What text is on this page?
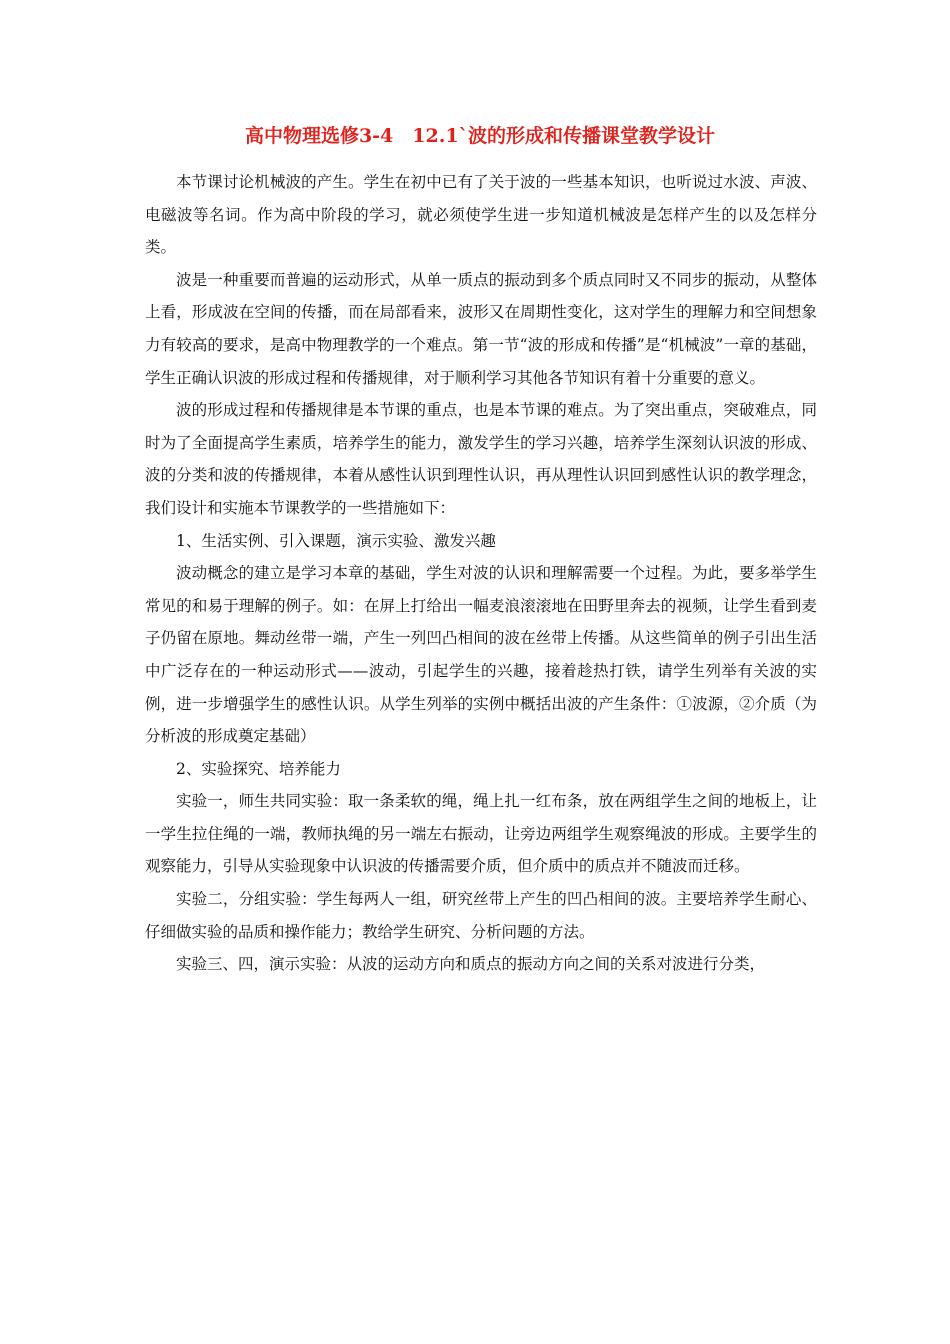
高中物理选修3-4　12.1`波的形成和传播课堂教学设计

本节课讨论机械波的产生。学生在初中已有了关于波的一些基本知识，也听说过水波、声波、电磁波等名词。作为高中阶段的学习，就必须使学生进一步知道机械波是怎样产生的以及怎样分类。

波是一种重要而普遍的运动形式，从单一质点的振动到多个质点同时又不同步的振动，从整体上看，形成波在空间的传播，而在局部看来，波形又在周期性变化，这对学生的理解力和空间想象力有较高的要求，是高中物理教学的一个难点。第一节“波的形成和传播”是“机械波”一章的基础，学生正确认识波的形成过程和传播规律，对于顺利学习其他各节知识有着十分重要的意义。

波的形成过程和传播规律是本节课的重点，也是本节课的难点。为了突出重点，突破难点，同时为了全面提高学生素质，培养学生的能力，激发学生的学习兴趣，培养学生深刻认识波的形成、波的分类和波的传播规律，本着从感性认识到理性认识，再从理性认识回到感性认识的教学理念，我们设计和实施本节课教学的一些措施如下：

1、生活实例、引入课题，演示实验、激发兴趣

波动概念的建立是学习本章的基础，学生对波的认识和理解需要一个过程。为此，要多举学生常见的和易于理解的例子。如：在屏上打给出一幅麦浪滚滚地在田野里奔去的视频，让学生看到麦子仍留在原地。舞动丝带一端，产生一列凹凸相间的波在丝带上传播。从这些简单的例子引出生活中广泛存在的一种运动形式——波动，引起学生的兴趣，接着趁热打铁，请学生列举有关波的实例，进一步增强学生的感性认识。从学生列举的实例中概括出波的产生条件：①波源，②介质（为分析波的形成奠定基础）

2、实验探究、培养能力

实验一，师生共同实验：取一条柔软的绳，绳上扎一红布条，放在两组学生之间的地板上，让一学生拉住绳的一端，教师执绳的另一端左右振动，让旁边两组学生观察绳波的形成。主要学生的观察能力，引导从实验现象中认识波的传播需要介质，但介质中的质点并不随波而迁移。

实验二，分组实验：学生每两人一组，研究丝带上产生的凹凸相间的波。主要培养学生耐心、仔细做实验的品质和操作能力；教给学生研究、分析问题的方法。

实验三、四，演示实验：从波的运动方向和质点的振动方向之间的关系对波进行分类，
